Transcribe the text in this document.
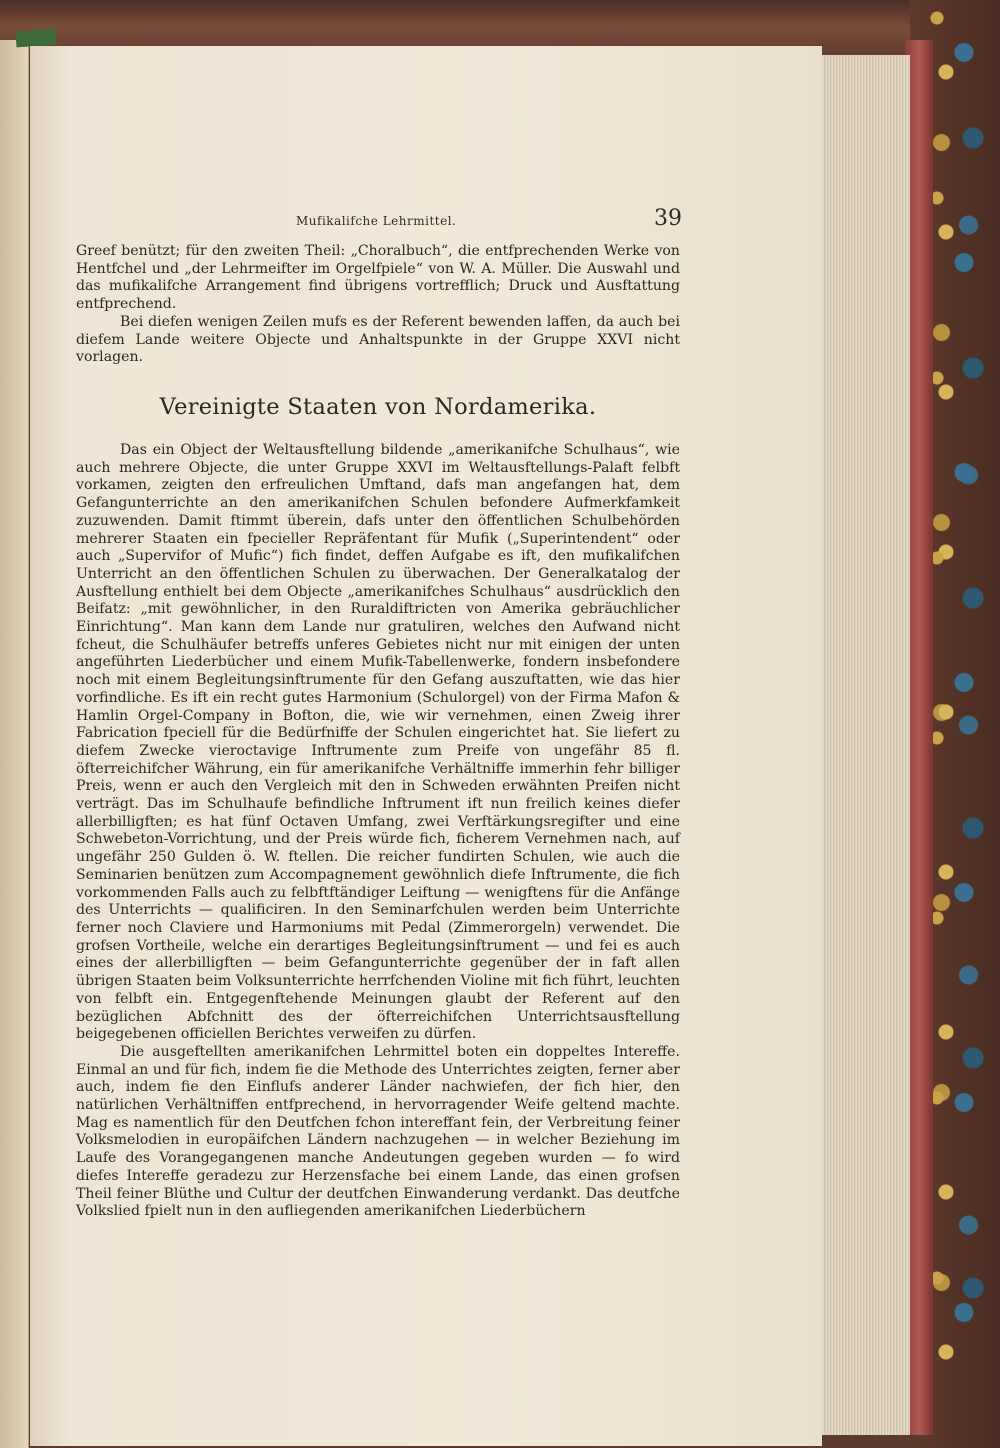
Mufikalifche Lehrmittel.	39

Greef benützt; für den zweiten Theil: „Choralbuch“, die entfprechenden Werke von Hentfchel und „der Lehrmeifter im Orgelfpiele“ von W. A. Müller. Die Auswahl und das mufikalifche Arrangement find übrigens vortrefflich; Druck und Ausftattung entfprechend.

Bei diefen wenigen Zeilen mufs es der Referent bewenden laffen, da auch bei diefem Lande weitere Objecte und Anhaltspunkte in der Gruppe XXVI nicht vorlagen.

Vereinigte Staaten von Nordamerika.

Das ein Object der Weltausftellung bildende „amerikanifche Schulhaus“, wie auch mehrere Objecte, die unter Gruppe XXVI im Weltausftellungs-Palaft felbft vorkamen, zeigten den erfreulichen Umftand, dafs man angefangen hat, dem Gefangunterrichte an den amerikanifchen Schulen befondere Aufmerkfamkeit zuzuwenden. Damit ftimmt überein, dafs unter den öffentlichen Schulbehörden mehrerer Staaten ein fpecieller Repräfentant für Mufik („Superintendent“ oder auch „Supervifor of Mufic“) fich findet, deffen Aufgabe es ift, den mufikalifchen Unterricht an den öffentlichen Schulen zu überwachen. Der Generalkatalog der Ausftellung enthielt bei dem Objecte „amerikanifches Schulhaus“ ausdrücklich den Beifatz: „mit gewöhnlicher, in den Ruraldiftricten von Amerika gebräuchlicher Einrichtung“. Man kann dem Lande nur gratuliren, welches den Aufwand nicht fcheut, die Schulhäufer betreffs unferes Gebietes nicht nur mit einigen der unten angeführten Liederbücher und einem Mufik-Tabellenwerke, fondern insbefondere noch mit einem Begleitungsinftrumente für den Gefang auszuftatten, wie das hier vorfindliche. Es ift ein recht gutes Harmonium (Schulorgel) von der Firma Mafon & Hamlin Orgel-Company in Bofton, die, wie wir vernehmen, einen Zweig ihrer Fabrication fpeciell für die Bedürfniffe der Schulen eingerichtet hat. Sie liefert zu diefem Zwecke vieroctavige Inftrumente zum Preife von ungefähr 85 fl. öfterreichifcher Währung, ein für amerikanifche Verhältniffe immerhin fehr billiger Preis, wenn er auch den Vergleich mit den in Schweden erwähnten Preifen nicht verträgt. Das im Schulhaufe befindliche Inftrument ift nun freilich keines diefer allerbilligften; es hat fünf Octaven Umfang, zwei Verftärkungsregifter und eine Schwebeton-Vorrichtung, und der Preis würde fich, ficherem Vernehmen nach, auf ungefähr 250 Gulden ö. W. ftellen. Die reicher fundirten Schulen, wie auch die Seminarien benützen zum Accompagnement gewöhnlich diefe Inftrumente, die fich vorkommenden Falls auch zu felbftftändiger Leiftung — wenigftens für die Anfänge des Unterrichts — qualificiren. In den Seminarfchulen werden beim Unterrichte ferner noch Claviere und Harmoniums mit Pedal (Zimmerorgeln) verwendet. Die grofsen Vortheile, welche ein derartiges Begleitungsinftrument — und fei es auch eines der allerbilligften — beim Gefangunterrichte gegenüber der in faft allen übrigen Staaten beim Volksunterrichte herrfchenden Violine mit fich führt, leuchten von felbft ein. Entgegenftehende Meinungen glaubt der Referent auf den bezüglichen Abfchnitt des der öfterreichifchen Unterrichtsausftellung beigegebenen officiellen Berichtes verweifen zu dürfen.

Die ausgeftellten amerikanifchen Lehrmittel boten ein doppeltes Intereffe. Einmal an und für fich, indem fie die Methode des Unterrichtes zeigten, ferner aber auch, indem fie den Einflufs anderer Länder nachwiefen, der fich hier, den natürlichen Verhältniffen entfprechend, in hervorragender Weife geltend machte. Mag es namentlich für den Deutfchen fchon intereffant fein, der Verbreitung feiner Volksmelodien in europäifchen Ländern nachzugehen — in welcher Beziehung im Laufe des Vorangegangenen manche Andeutungen gegeben wurden — fo wird diefes Intereffe geradezu zur Herzensfache bei einem Lande, das einen grofsen Theil feiner Blüthe und Cultur der deutfchen Einwanderung verdankt. Das deutfche Volkslied fpielt nun in den aufliegenden amerikanifchen Liederbüchern
